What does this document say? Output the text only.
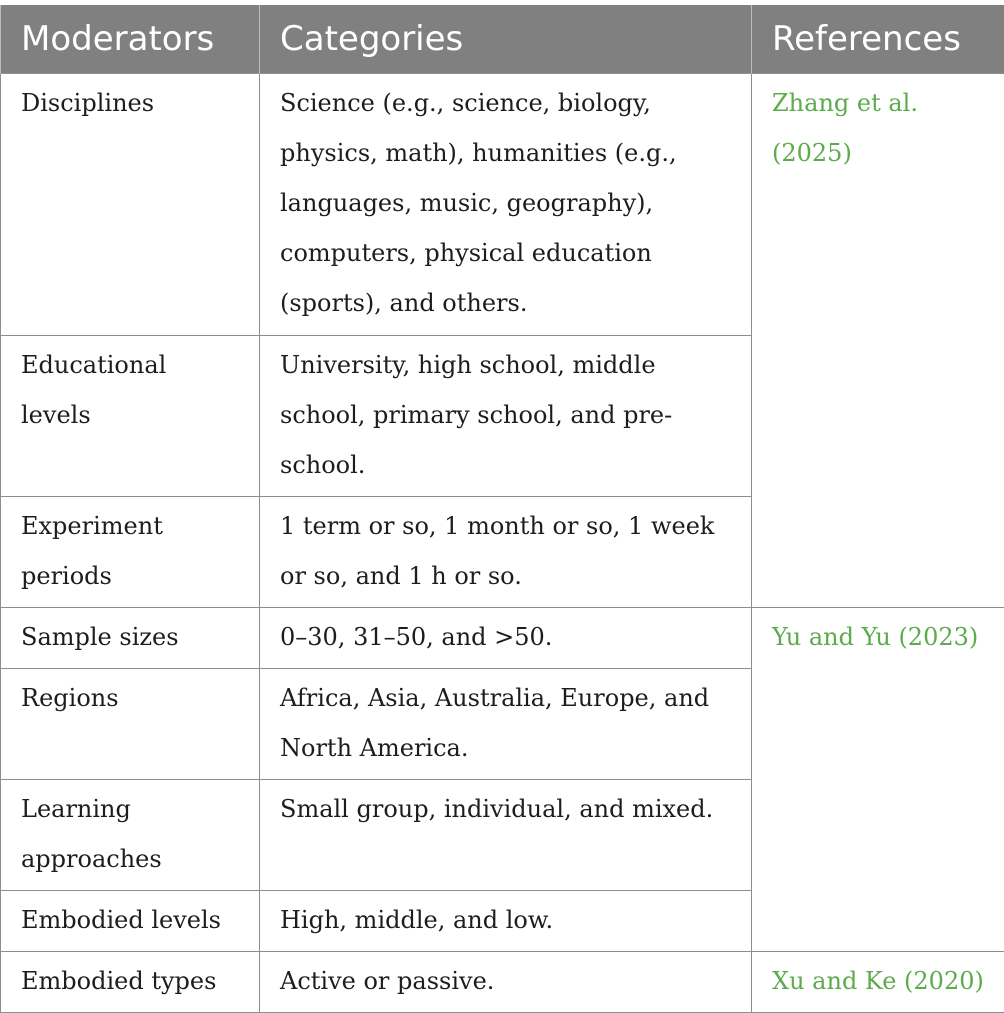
Moderators	Categories	References
Disciplines	Science (e.g., science, biology, physics, math), humanities (e.g., languages, music, geography), computers, physical education (sports), and others.	Zhang et al. (2025)
Educational levels	University, high school, middle school, primary school, and pre-school.	
Experiment periods	1 term or so, 1 month or so, 1 week or so, and 1 h or so.	
Sample sizes	0–30, 31–50, and >50.	Yu and Yu (2023)
Regions	Africa, Asia, Australia, Europe, and North America.	
Learning approaches	Small group, individual, and mixed.	
Embodied levels	High, middle, and low.	
Embodied types	Active or passive.	Xu and Ke (2020)
